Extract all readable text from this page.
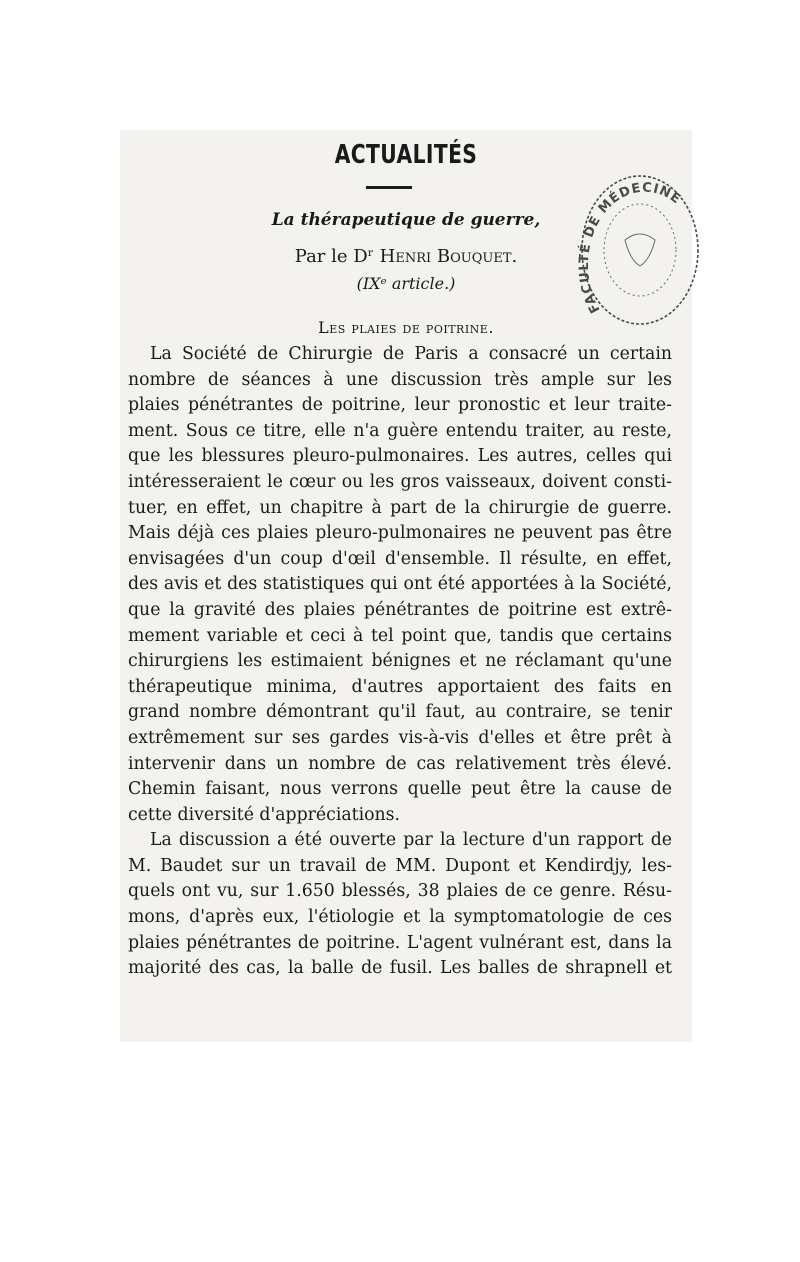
ACTUALITÉS
La thérapeutique de guerre,
Par le Dʳ Henri Bouquet.
(IXᵉ article.)
Les plaies de poitrine.
La Société de Chirurgie de Paris a consacré un certain
nombre de séances à une discussion très ample sur les
plaies pénétrantes de poitrine, leur pronostic et leur traite-
ment. Sous ce titre, elle n'a guère entendu traiter, au reste,
que les blessures pleuro-pulmonaires. Les autres, celles qui
intéresseraient le cœur ou les gros vaisseaux, doivent consti-
tuer, en effet, un chapitre à part de la chirurgie de guerre.
Mais déjà ces plaies pleuro-pulmonaires ne peuvent pas être
envisagées d'un coup d'œil d'ensemble. Il résulte, en effet,
des avis et des statistiques qui ont été apportées à la Société,
que la gravité des plaies pénétrantes de poitrine est extrê-
mement variable et ceci à tel point que, tandis que certains
chirurgiens les estimaient bénignes et ne réclamant qu'une
thérapeutique minima, d'autres apportaient des faits en
grand nombre démontrant qu'il faut, au contraire, se tenir
extrêmement sur ses gardes vis-à-vis d'elles et être prêt à
intervenir dans un nombre de cas relativement très élevé.
Chemin faisant, nous verrons quelle peut être la cause de
cette diversité d'appréciations.
La discussion a été ouverte par la lecture d'un rapport de
M. Baudet sur un travail de MM. Dupont et Kendirdjy, les-
quels ont vu, sur 1.650 blessés, 38 plaies de ce genre. Résu-
mons, d'après eux, l'étiologie et la symptomatologie de ces
plaies pénétrantes de poitrine. L'agent vulnérant est, dans la
majorité des cas, la balle de fusil. Les balles de shrapnell et
FACULTÉ DE MÉDECINE
